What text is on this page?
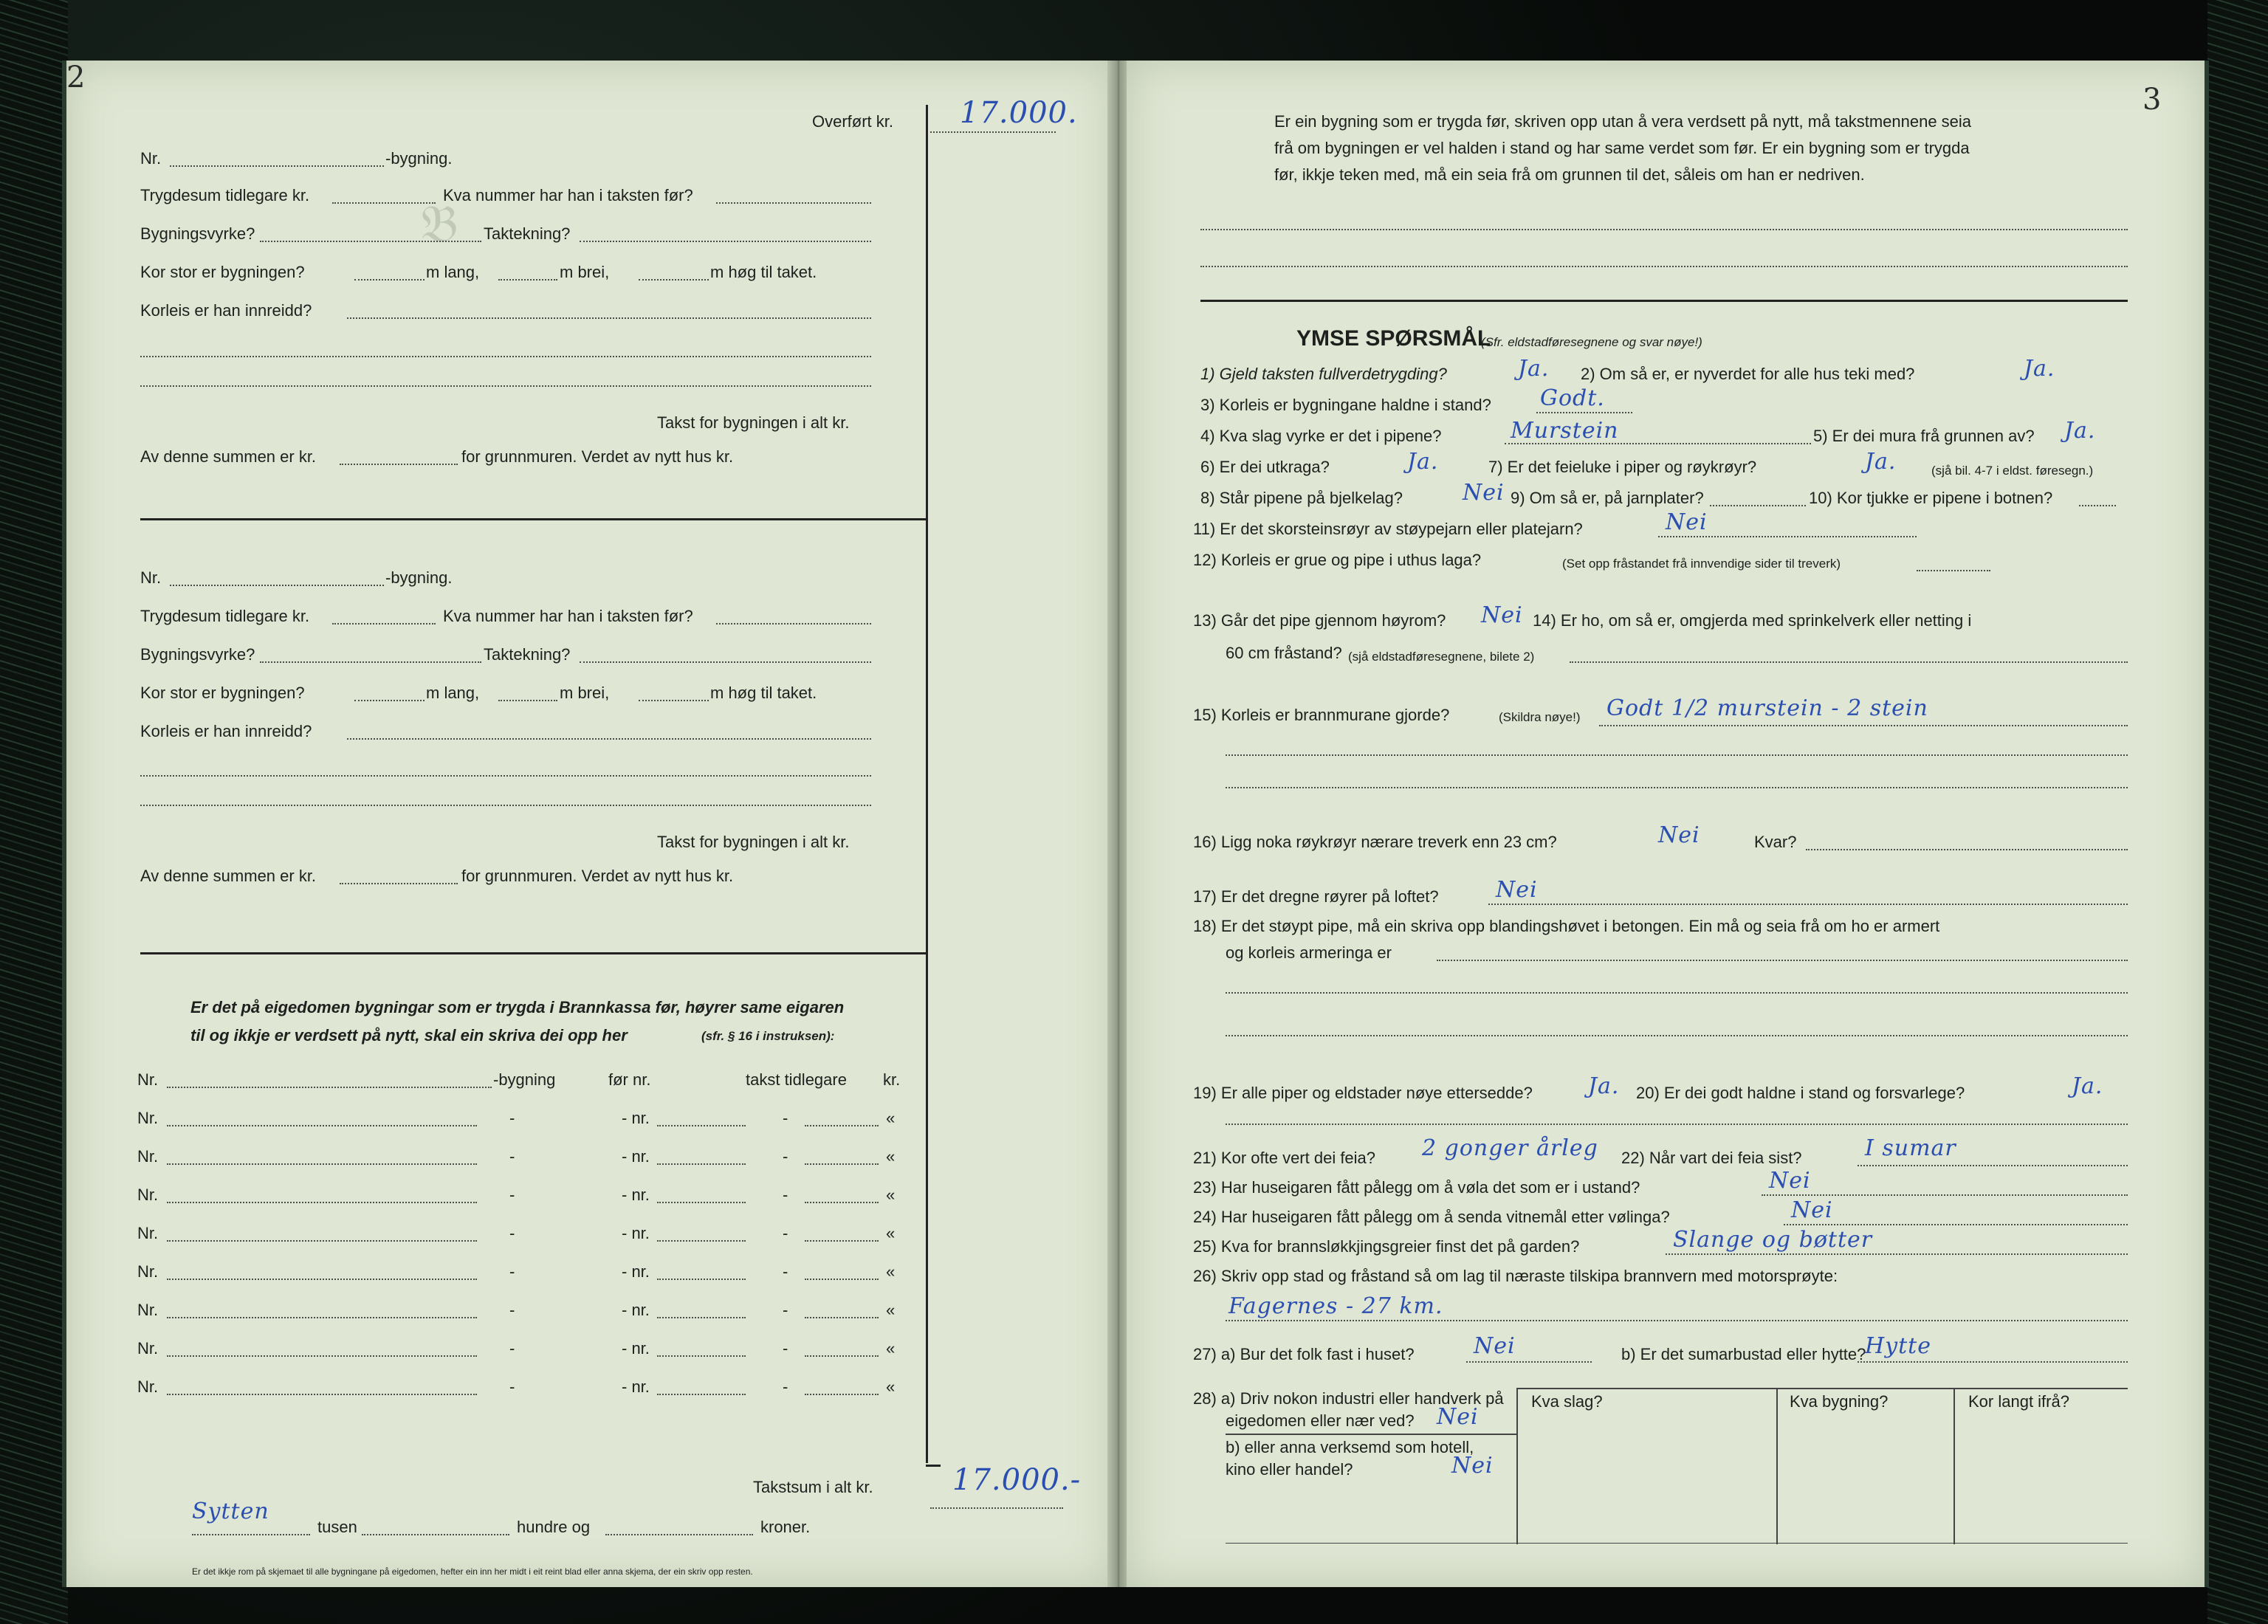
2
𝔅
Overført kr. 17.000.
Nr.	-bygning.
Trygdesum tidlegare kr.	Kva nummer har han i taksten før?
Bygningsvyrke?	Taktekning?
Kor stor er bygningen?	m lang,	m brei,	m høg til taket.
Korleis er han innreidd?
Takst for bygningen i alt kr.
Av denne summen er kr.	for grunnmuren. Verdet av nytt hus kr.
Nr.	-bygning.
Trygdesum tidlegare kr.	Kva nummer har han i taksten før?
Bygningsvyrke?	Taktekning?
Kor stor er bygningen?	m lang,	m brei,	m høg til taket.
Korleis er han innreidd?
Takst for bygningen i alt kr.
Av denne summen er kr.	for grunnmuren. Verdet av nytt hus kr.
Er det på eigedomen bygningar som er trygda i Brannkassa før, høyrer same eigaren
til og ikkje er verdsett på nytt, skal ein skriva dei opp her	(sfr. § 16 i instruksen):
Nr.	-bygning	før nr.	takst tidlegare kr.
Nr.	-	- nr.	-	«
Nr.	-	- nr.	-	«
Nr.	-	- nr.	-	«
Nr.	-	- nr.	-	«
Nr.	-	- nr.	-	«
Nr.	-	- nr.	-	«
Nr.	-	- nr.	-	«
Nr.	-	- nr.	-	«
Takstsum i alt kr.	17.000.-
Sytten
tusen	hundre og	kroner.
Er det ikkje rom på skjemaet til alle bygningane på eigedomen, hefter ein inn her midt i eit reint blad eller anna skjema, der ein skriv opp resten.
3
Er ein bygning som er trygda før, skriven opp utan å vera verdsett på nytt, må takstmennene seia
frå om bygningen er vel halden i stand og har same verdet som før. Er ein bygning som er trygda
før, ikkje teken med, må ein seia frå om grunnen til det, såleis om han er nedriven.
YMSE SPØRSMÅL
(Sfr. eldstadføresegnene og svar nøye!)
1) Gjeld taksten fullverdetrygding?	Ja. 2) Om så er, er nyverdet for alle hus teki med?	Ja.
3) Korleis er bygningane haldne i stand? Godt.
4) Kva slag vyrke er det i pipene?	Murstein	5) Er dei mura frå grunnen av? Ja.
6) Er dei utkraga?	Ja.	7) Er det feieluke i piper og røykrøyr?	Ja.	(sjå bil. 4-7 i eldst. føresegn.)
8) Står pipene på bjelkelag?	Nei 9) Om så er, på jarnplater?	10) Kor tjukke er pipene i botnen?
11) Er det skorsteinsrøyr av støypejarn eller platejarn?	Nei
12) Korleis er grue og pipe i uthus laga?	(Set opp fråstandet frå innvendige sider til treverk)
13) Går det pipe gjennom høyrom? Nei 14) Er ho, om så er, omgjerda med sprinkelverk eller netting i
60 cm fråstand? (sjå eldstadføresegnene, bilete 2)
15) Korleis er brannmurane gjorde?	(Skildra nøye!) Godt 1/2 murstein - 2 stein
16) Ligg noka røykrøyr nærare treverk enn 23 cm?	Nei	Kvar?
17) Er det dregne røyrer på loftet?	Nei
18) Er det støypt pipe, må ein skriva opp blandingshøvet i betongen. Ein må og seia frå om ho er armert
og korleis armeringa er
19) Er alle piper og eldstader nøye ettersedde?	Ja. 20) Er dei godt haldne i stand og forsvarlege?	Ja.
21) Kor ofte vert dei feia? 2 gonger årleg 22) Når vart dei feia sist?	I sumar
23) Har huseigaren fått pålegg om å vøla det som er i ustand?	Nei
24) Har huseigaren fått pålegg om å senda vitnemål etter vølinga?	Nei
25) Kva for brannsløkkjingsgreier finst det på garden?	Slange og bøtter
26) Skriv opp stad og fråstand så om lag til næraste tilskipa brannvern med motorsprøyte:
Fagernes - 27 km.
27) a) Bur det folk fast i huset?	Nei	b) Er det sumarbustad eller hytte?
Hytte
Kva slag?	Kva bygning?	Kor langt ifrå?
28) a) Driv nokon industri eller handverk på
eigedomen eller nær ved? Nei
b) eller anna verksemd som hotell,
kino eller handel?	Nei
